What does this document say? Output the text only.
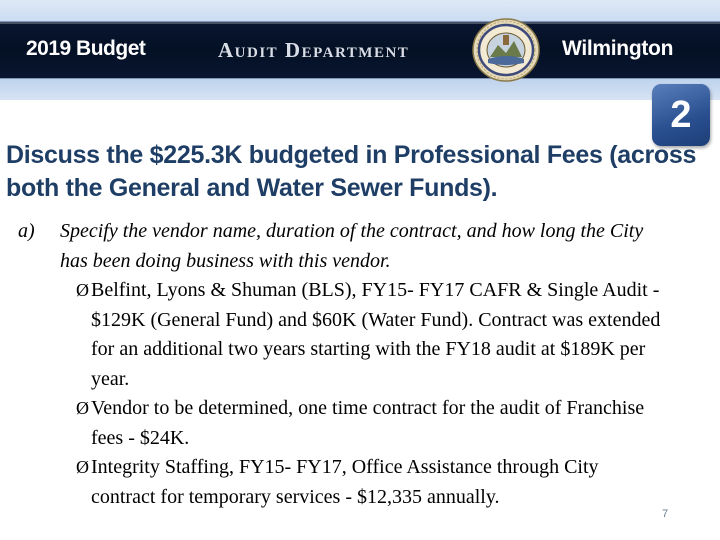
2019 Budget	Audit Department	Wilmington
2
Discuss the $225.3K budgeted in Professional Fees (across both the General and Water Sewer Funds).
a)	Specify the vendor name, duration of the contract, and how long the City has been doing business with this vendor.
Ø Belfint, Lyons & Shuman (BLS), FY15- FY17 CAFR & Single Audit - $129K (General Fund) and $60K (Water Fund). Contract was extended for an additional two years starting with the FY18 audit at $189K per year.
Ø Vendor to be determined, one time contract for the audit of Franchise fees - $24K.
Ø Integrity Staffing, FY15- FY17, Office Assistance through City contract for temporary services - $12,335 annually.
7
